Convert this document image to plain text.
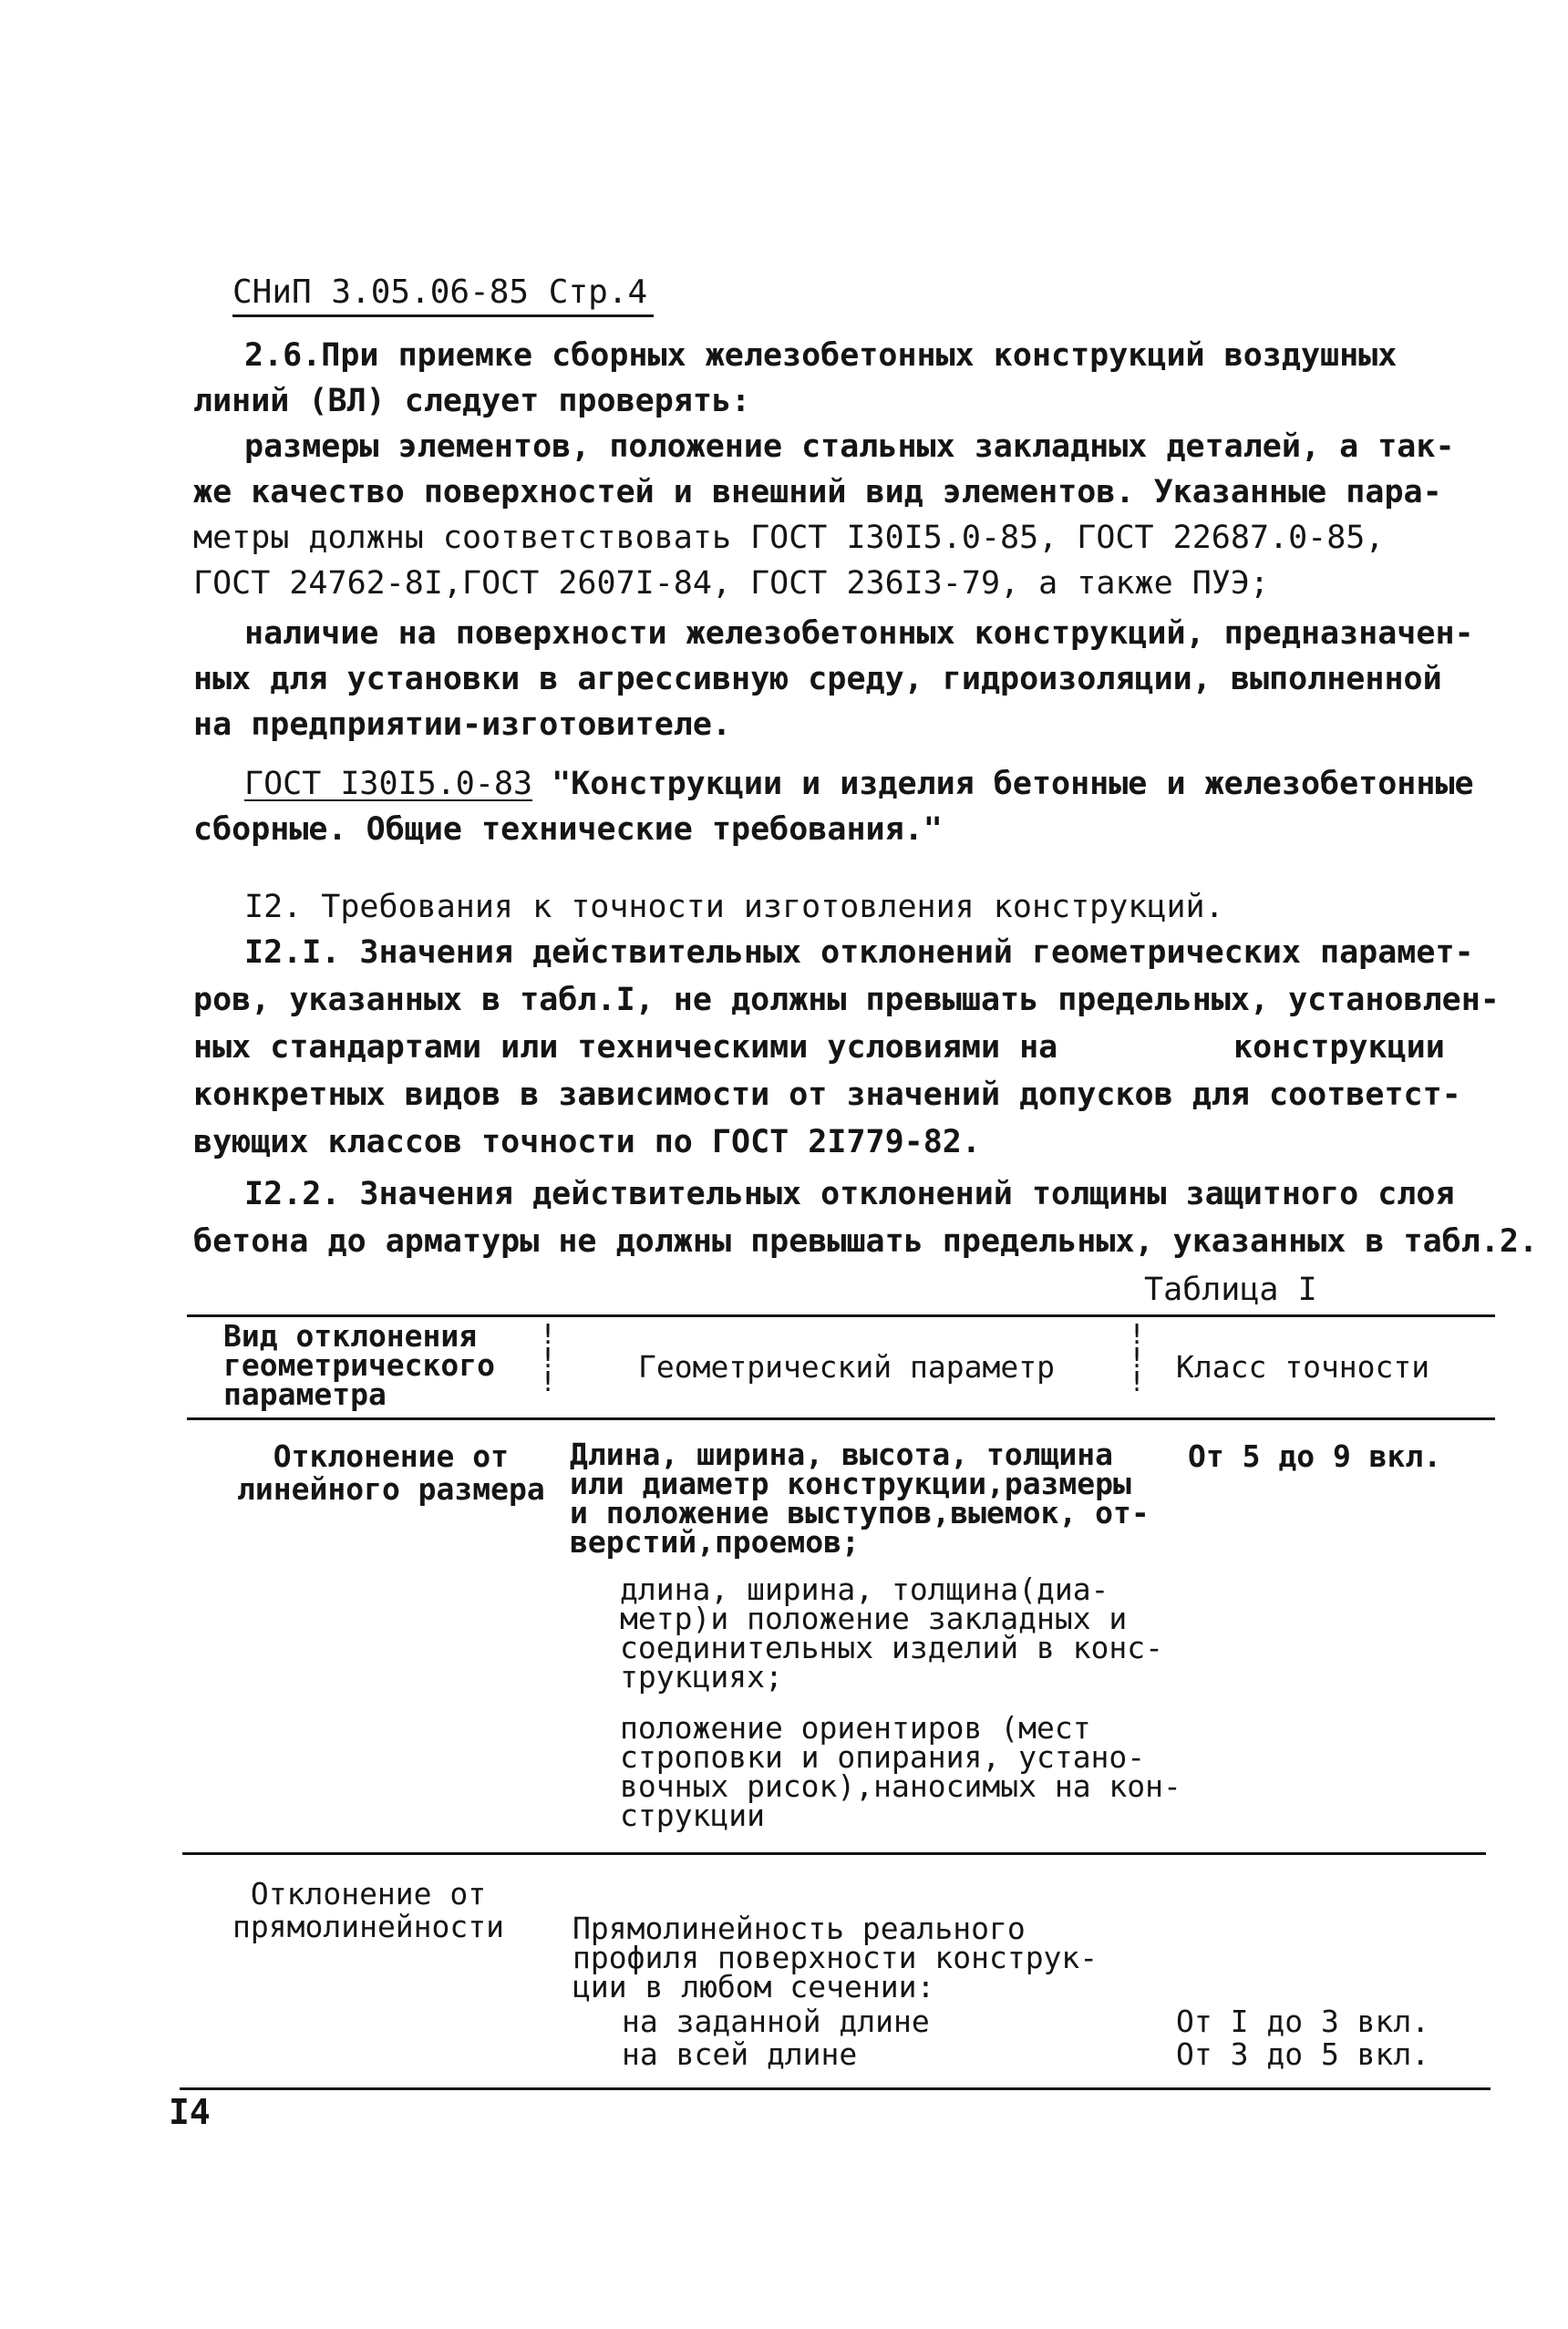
СНиП 3.05.06-85 Стр.4
2.6.При приемке сборных железобетонных конструкций воздушных
линий (ВЛ) следует проверять:
размеры элементов, положение стальных закладных деталей, а так-
же качество поверхностей и внешний вид элементов. Указанные пара-
метры должны соответствовать ГОСТ I30I5.0-85, ГОСТ 22687.0-85,
ГОСТ 24762-8I,ГОСТ 2607I-84, ГОСТ 236I3-79, а также ПУЭ;
наличие на поверхности железобетонных конструкций, предназначен-
ных для установки в агрессивную среду, гидроизоляции, выполненной
на предприятии-изготовителе.
ГОСТ I30I5.0-83 "Конструкции и изделия бетонные и железобетонные
сборные. Общие технические требования."
I2. Требования к точности изготовления конструкций.
I2.I. Значения действительных отклонений геометрических парамет-
ров, указанных в табл.I, не должны превышать предельных, установлен-
ных стандартами или техническими условиями на	конструкции
конкретных видов в зависимости от значений допусков для соответст-
вующих классов точности по ГОСТ 2I779-82.
I2.2. Значения действительных отклонений толщины защитного слоя
бетона до арматуры не должны превышать предельных, указанных в табл.2.
Таблица I
Вид отклонения
геометрического
параметра
!
!
!	Геометрический параметр
!
!
! Класс точности
Отклонение от
линейного размера
Длина, ширина, высота, толщина
или диаметр конструкции,размеры
и положение выступов,выемок, от-
верстий,проемов;
длина, ширина, толщина(диа-
метр)и положение закладных и
соединительных изделий в конс-
трукциях;
положение ориентиров (мест
строповки и опирания, устано-
вочных рисок),наносимых на кон-
струкции
От 5 до 9 вкл.
Отклонение от
прямолинейности Прямолинейность реального
профиля поверхности конструк-
ции в любом сечении:
на заданной длине
на всей длине
От I до 3 вкл.
От 3 до 5 вкл.
I4
